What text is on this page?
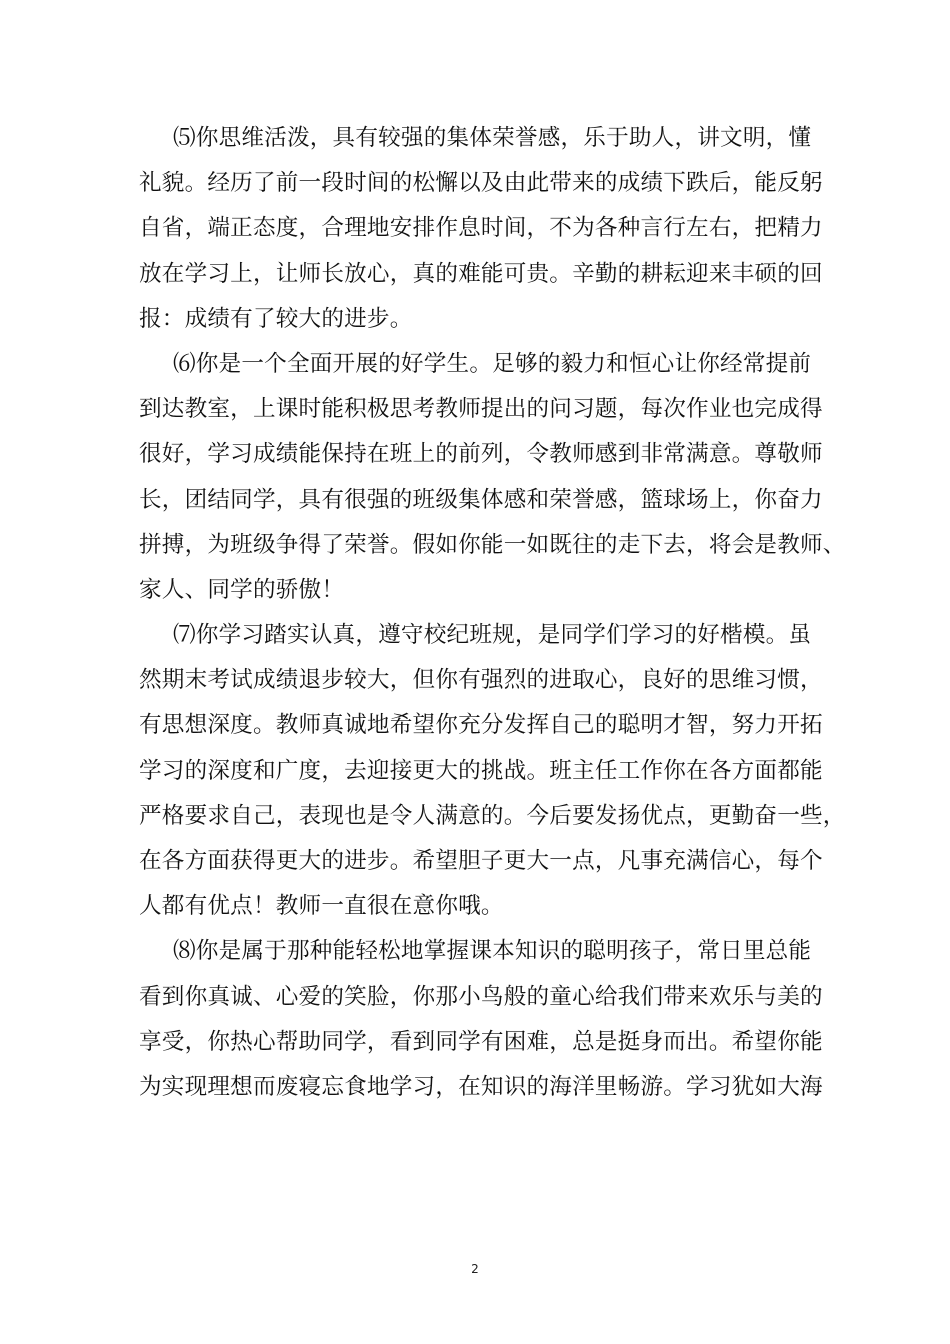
⑸你思维活泼，具有较强的集体荣誉感，乐于助人，讲文明，懂
礼貌。经历了前一段时间的松懈以及由此带来的成绩下跌后，能反躬
自省，端正态度，合理地安排作息时间，不为各种言行左右，把精力
放在学习上，让师长放心，真的难能可贵。辛勤的耕耘迎来丰硕的回
报：成绩有了较大的进步。

⑹你是一个全面开展的好学生。足够的毅力和恒心让你经常提前
到达教室，上课时能积极思考教师提出的问习题，每次作业也完成得
很好，学习成绩能保持在班上的前列，令教师感到非常满意。尊敬师
长，团结同学，具有很强的班级集体感和荣誉感，篮球场上，你奋力
拼搏，为班级争得了荣誉。假如你能一如既往的走下去，将会是教师、
家人、同学的骄傲！

⑺你学习踏实认真，遵守校纪班规，是同学们学习的好楷模。虽
然期末考试成绩退步较大，但你有强烈的进取心，良好的思维习惯，
有思想深度。教师真诚地希望你充分发挥自己的聪明才智，努力开拓
学习的深度和广度，去迎接更大的挑战。班主任工作你在各方面都能
严格要求自己，表现也是令人满意的。今后要发扬优点，更勤奋一些，
在各方面获得更大的进步。希望胆子更大一点，凡事充满信心，每个
人都有优点！教师一直很在意你哦。

⑻你是属于那种能轻松地掌握课本知识的聪明孩子，常日里总能
看到你真诚、心爱的笑脸，你那小鸟般的童心给我们带来欢乐与美的
享受，你热心帮助同学，看到同学有困难，总是挺身而出。希望你能
为实现理想而废寝忘食地学习，在知识的海洋里畅游。学习犹如大海

2
